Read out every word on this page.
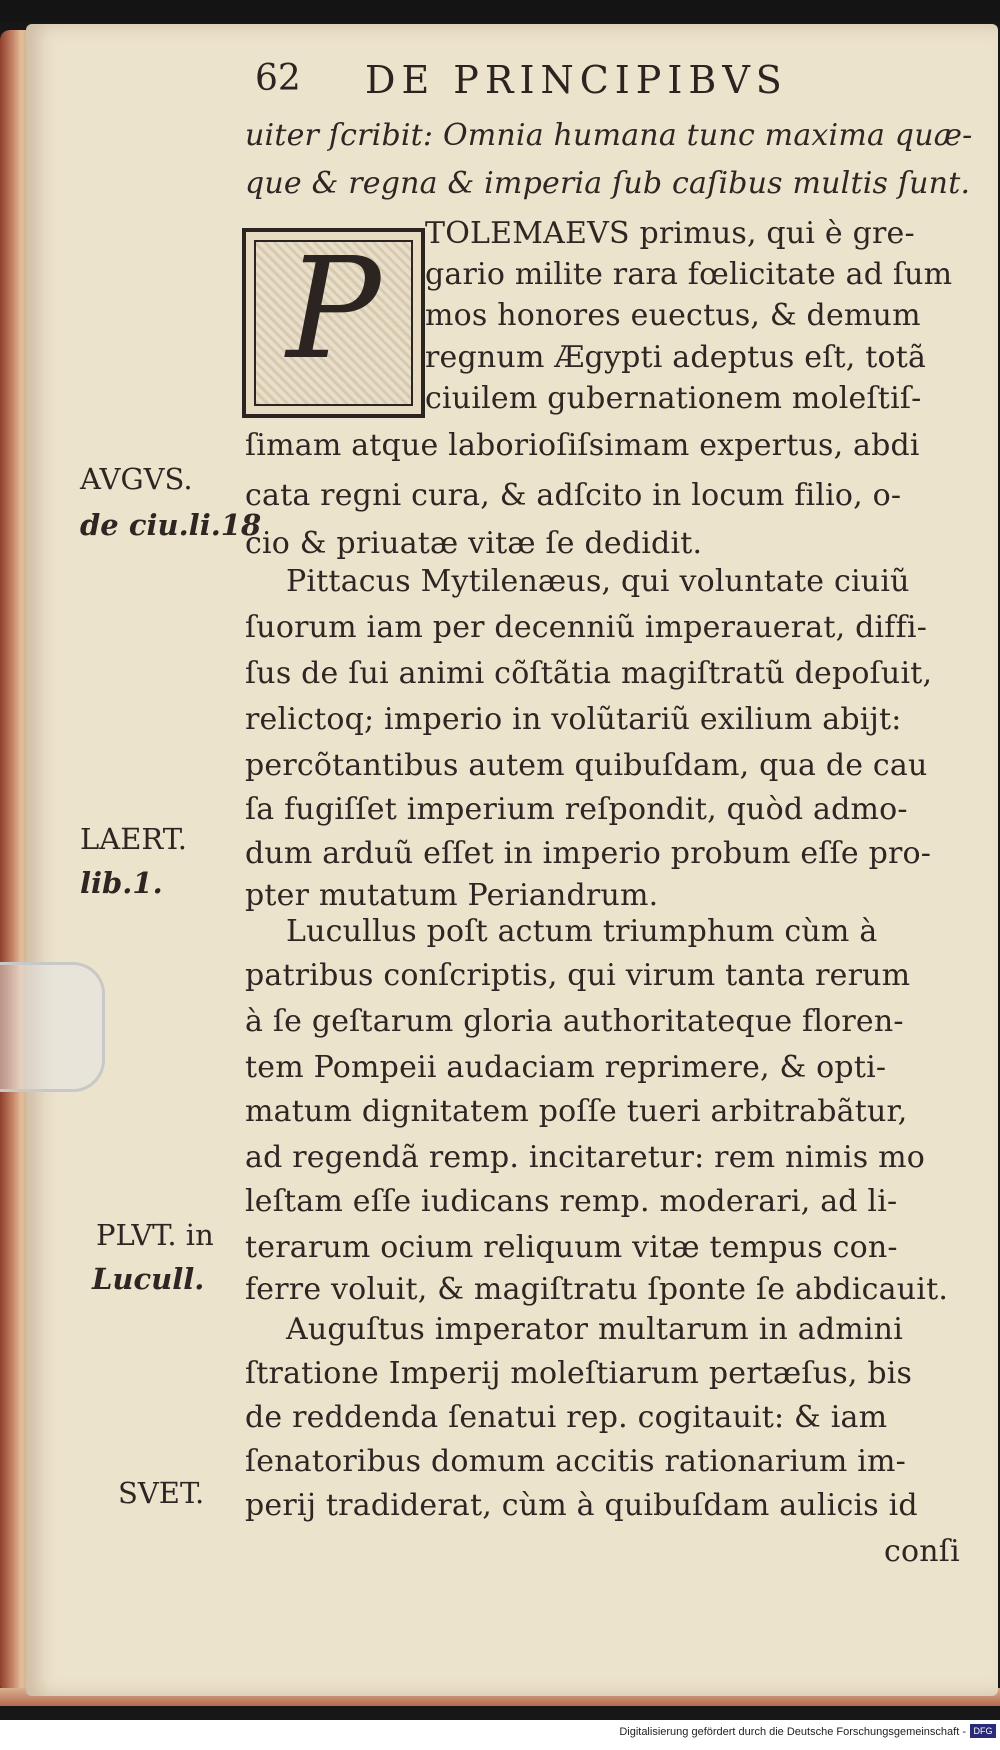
62 DE PRINCIPIBVS
P
uiter ſcribit: Omnia humana tunc maxima quæ-
que & regna & imperia ſub caſibus multis ſunt.
TOLEMAEVS primus, qui è gre-
gario milite rara fœlicitate ad ſum
mos honores euectus, & demum
regnum Ægypti adeptus eſt, totã
ciuilem gubernationem moleſtiſ-
ſimam atque laborioſiſsimam expertus, abdi
cata regni cura, & adſcito in locum filio, o-
cio & priuatæ vitæ ſe dedidit.
Pittacus Mytilenæus, qui voluntate ciuiũ
ſuorum iam per decenniũ imperauerat, diffi-
ſus de ſui animi cõſtãtia magiſtratũ depoſuit,
relictoq; imperio in volũtariũ exilium abijt:
percõtantibus autem quibuſdam, qua de cau
ſa fugiſſet imperium reſpondit, quòd admo-
dum arduũ eſſet in imperio probum eſſe pro-
pter mutatum Periandrum.
Lucullus poſt actum triumphum cùm à
patribus conſcriptis, qui virum tanta rerum
à ſe geſtarum gloria authoritateque floren-
tem Pompeii audaciam reprimere, & opti-
matum dignitatem poſſe tueri arbitrabãtur,
ad regendã remp. incitaretur: rem nimis mo
leſtam eſſe iudicans remp. moderari, ad li-
terarum ocium reliquum vitæ tempus con-
ferre voluit, & magiſtratu ſponte ſe abdicauit.
Auguſtus imperator multarum in admini
ſtratione Imperij moleſtiarum pertæſus, bis
de reddenda ſenatui rep. cogitauit: & iam
ſenatoribus domum accitis rationarium im-
perij tradiderat, cùm à quibuſdam aulicis id
conſi
AVGVS.
de ciu.li.18
LAERT.
lib.1.
PLVT. in
Lucull.
SVET.
Digitalisierung gefördert durch die Deutsche Forschungsgemeinschaft - DFG
